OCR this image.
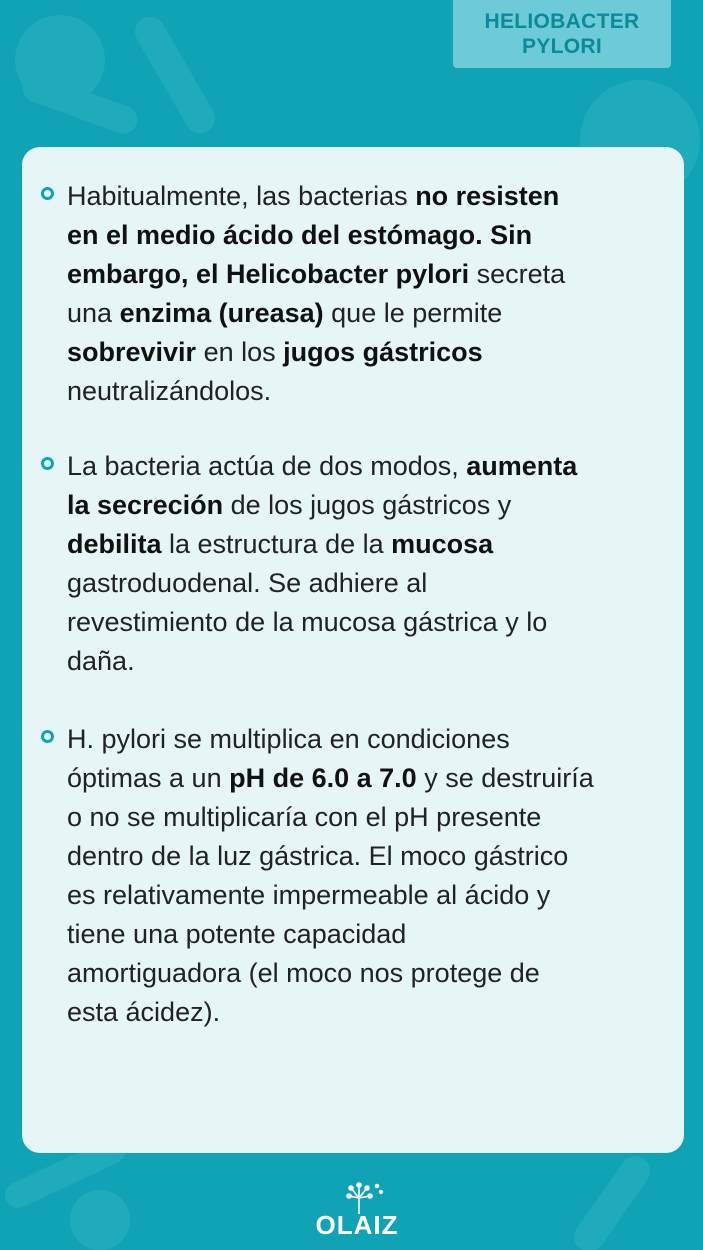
HELIOBACTER
PYLORI
Habitualmente, las bacterias no resisten
en el medio ácido del estómago. Sin
embargo, el Helicobacter pylori secreta
una enzima (ureasa) que le permite
sobrevivir en los jugos gástricos
neutralizándolos.
La bacteria actúa de dos modos, aumenta
la secreción de los jugos gástricos y
debilita la estructura de la mucosa
gastroduodenal. Se adhiere al
revestimiento de la mucosa gástrica y lo
daña.
H. pylori se multiplica en condiciones
óptimas a un pH de 6.0 a 7.0 y se destruiría
o no se multiplicaría con el pH presente
dentro de la luz gástrica. El moco gástrico
es relativamente impermeable al ácido y
tiene una potente capacidad
amortiguadora (el moco nos protege de
esta ácidez).
OLAIZ
